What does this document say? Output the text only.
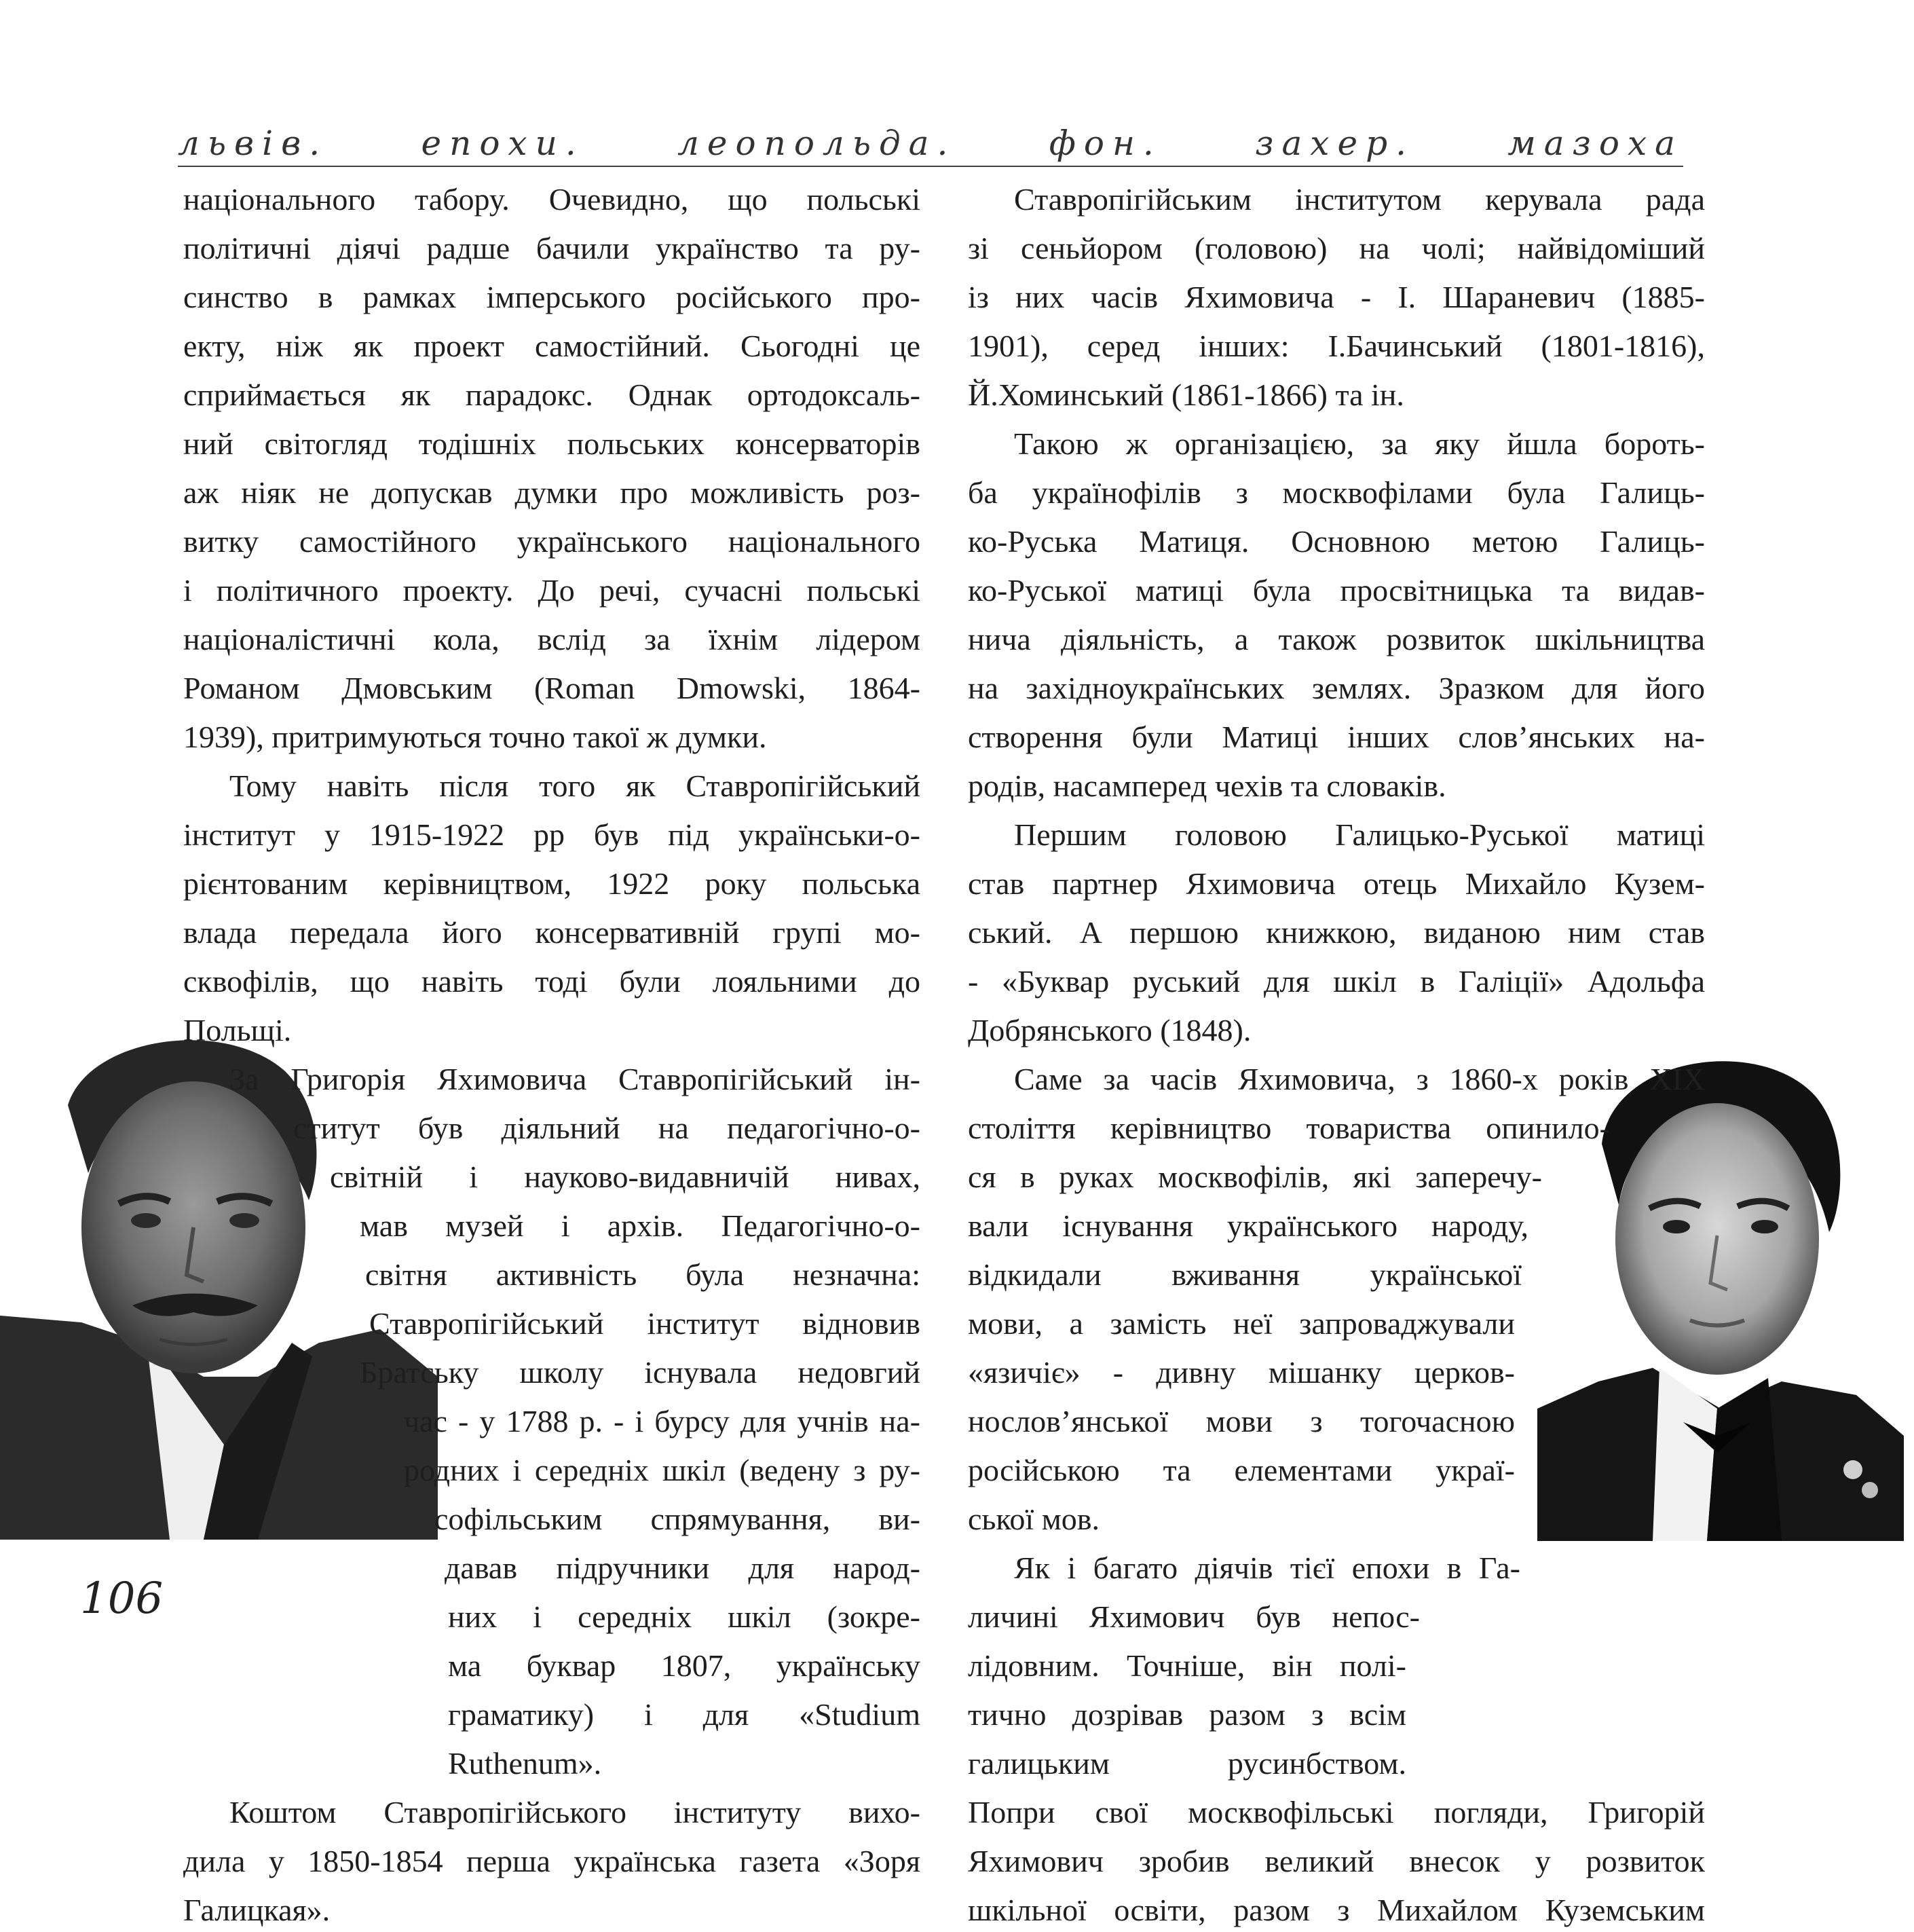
львів. епохи. леопольда. фон. захер. мазоха
національного табору. Очевидно, що польські
політичні діячі радше бачили українство та ру-
синство в рамках імперського російського про-
екту, ніж як проект самостійний. Сьогодні це
сприймається як парадокс. Однак ортодоксаль-
ний світогляд тодішніх польських консерваторів
аж ніяк не допускав думки про можливість роз-
витку самостійного українського національного
і політичного проекту. До речі, сучасні польські
націоналістичні кола, вслід за їхнім лідером
Романом Дмовським (Roman Dmowski, 1864-
1939), притримуються точно такої ж думки.
Тому навіть після того як Ставропігійський
інститут у 1915-1922 рр був під українськи-о-
рієнтованим керівництвом, 1922 року польська
влада передала його консервативній групі мо-
сквофілів, що навіть тоді були лояльними до
Польщі.
За Григорія Яхимовича Ставропігійський ін-
ститут був діяльний на педагогічно-о-
світній і науково-видавничій нивах,
мав музей і архів. Педагогічно-о-
світня активність була незначна:
Ставропігійський інститут відновив
Братську школу існувала недовгий
час - у 1788 р. - і бурсу для учнів на-
родних і середніх шкіл (ведену з ру-
софільським спрямування, ви-
давав підручники для народ-
них і середніх шкіл (зокре-
ма буквар 1807, українську
граматику) і для «Studium
Ruthenum».
Коштом Ставропігійського інституту вихо-
дила у 1850-1854 перша українська газета «Зоря
Галицкая».
106
Ставропігійським інститутом керувала рада
зі сеньйором (головою) на чолі; найвідоміший
із них часів Яхимовича - І. Шараневич (1885-
1901), серед інших: І.Бачинський (1801-1816),
Й.Хоминський (1861-1866) та ін.
Такою ж організацією, за яку йшла бороть-
ба українофілів з москвофілами була Галиць-
ко-Руська Матиця. Основною метою Галиць-
ко-Руської матиці була просвітницька та видав-
нича діяльність, а також розвиток шкільництва
на західноукраїнських землях. Зразком для його
створення були Матиці інших слов’янських на-
родів, насамперед чехів та словаків.
Першим головою Галицько-Руської матиці
став партнер Яхимовича отець Михайло Кузем-
ський. А першою книжкою, виданою ним став
- «Буквар руський для шкіл в Галіції» Адольфа
Добрянського (1848).
Саме за часів Яхимовича, з 1860-х років XIX
століття керівництво товариства опинило-
ся в руках москвофілів, які заперечу-
вали існування українського народу,
відкидали вживання української
мови, а замість неї запроваджували
«язичіє» - дивну мішанку церков-
нослов’янської мови з тогочасною
російською та елементами украї-
ської мов.
Як і багато діячів тієї епохи в Га-
личині Яхимович був непос-
лідовним. Точніше, він полі-
тично дозрівав разом з всім
галицьким русинбством.
Попри свої москвофільські погляди, Григорій
Яхимович зробив великий внесок у розвиток
шкільної освіти, разом з Михайлом Куземським
